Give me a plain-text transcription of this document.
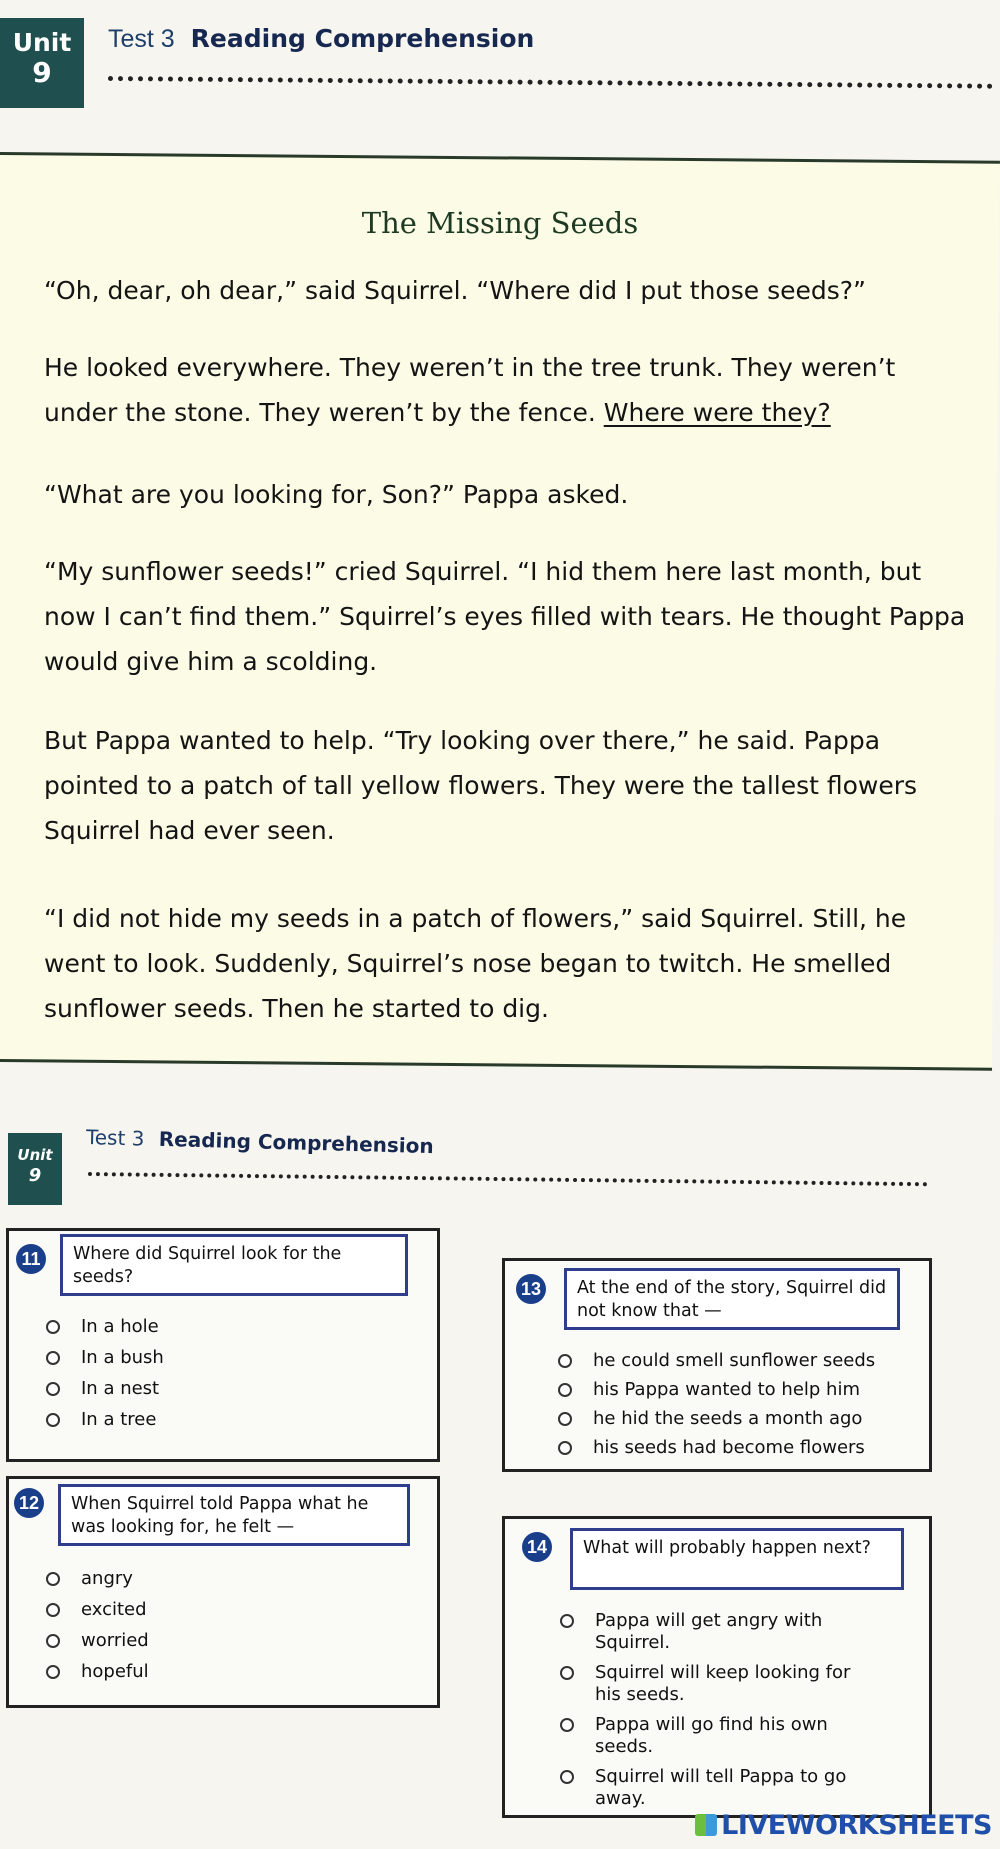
Unit
9
Test 3 Reading Comprehension
The Missing Seeds
“Oh, dear, oh dear,” said Squirrel. “Where did I put those seeds?”
He looked everywhere. They weren’t in the tree trunk. They weren’t under the stone. They weren’t by the fence. Where were they?
“What are you looking for, Son?” Pappa asked.
“My sunflower seeds!” cried Squirrel. “I hid them here last month, but now I can’t find them.” Squirrel’s eyes filled with tears. He thought Pappa would give him a scolding.
But Pappa wanted to help. “Try looking over there,” he said. Pappa pointed to a patch of tall yellow flowers. They were the tallest flowers Squirrel had ever seen.
“I did not hide my seeds in a patch of flowers,” said Squirrel. Still, he went to look. Suddenly, Squirrel’s nose began to twitch. He smelled sunflower seeds. Then he started to dig.
Unit
9
Test 3 Reading Comprehension
11	Where did Squirrel look for the seeds?
In a hole
In a bush
In a nest
In a tree
12	When Squirrel told Pappa what he was looking for, he felt —
angry
excited
worried
hopeful
13	At the end of the story, Squirrel did not know that —
he could smell sunflower seeds
his Pappa wanted to help him
he hid the seeds a month ago
his seeds had become flowers
14	What will probably happen next?
Pappa will get angry with Squirrel.
Squirrel will keep looking for his seeds.
Pappa will go find his own seeds.
Squirrel will tell Pappa to go away.
LIVEWORKSHEETS
